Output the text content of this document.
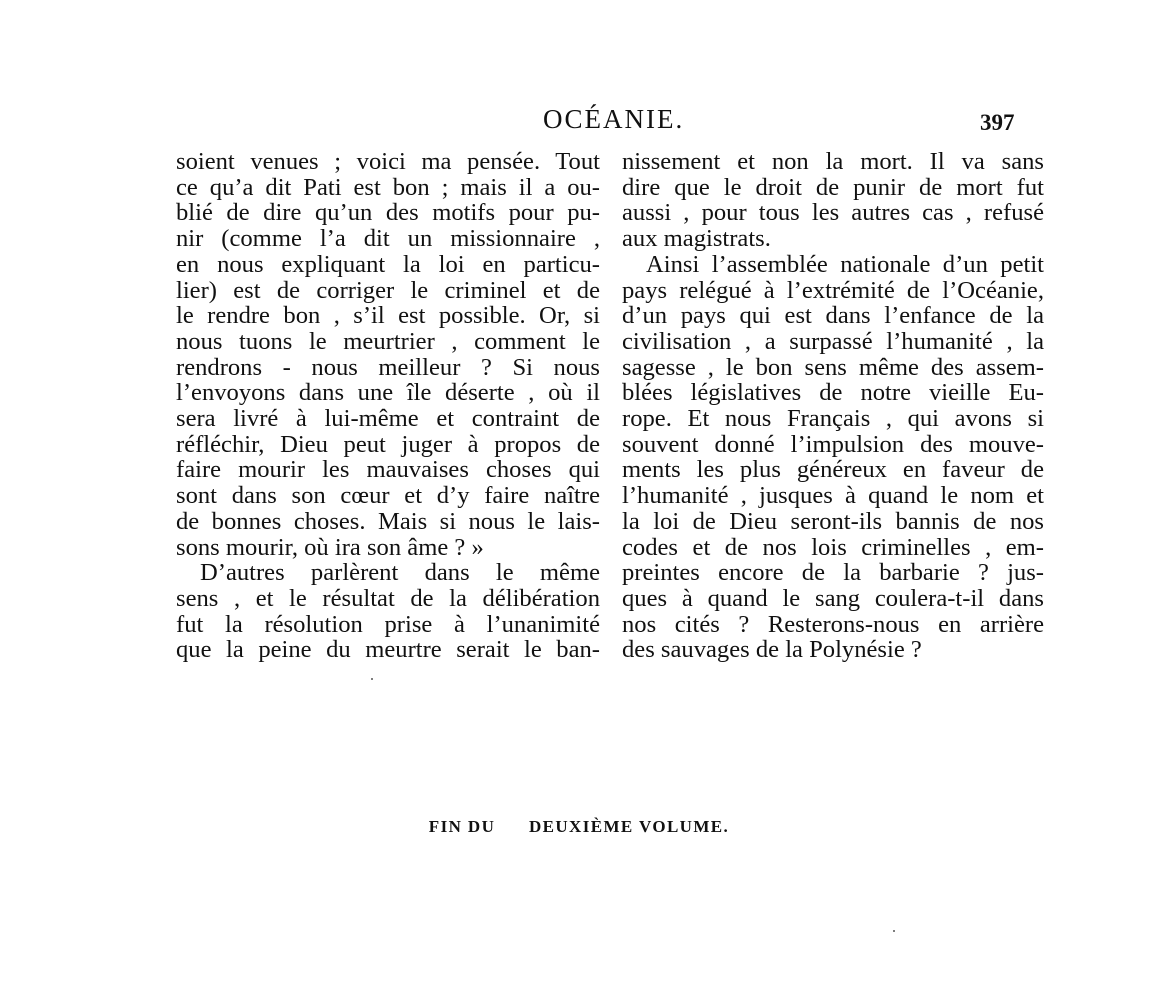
OCÉANIE.	397
soient venues ; voici ma pensée. Tout
ce qu’a dit Pati est bon ; mais il a ou-
blié de dire qu’un des motifs pour pu-
nir (comme l’a dit un missionnaire ,
en nous expliquant la loi en particu-
lier) est de corriger le criminel et de
le rendre bon , s’il est possible. Or, si
nous tuons le meurtrier , comment le
rendrons - nous meilleur ? Si nous
l’envoyons dans une île déserte , où il
sera livré à lui-même et contraint de
réfléchir, Dieu peut juger à propos de
faire mourir les mauvaises choses qui
sont dans son cœur et d’y faire naître
de bonnes choses. Mais si nous le lais-
sons mourir, où ira son âme ? »
D’autres parlèrent dans le même
sens , et le résultat de la délibération
fut la résolution prise à l’unanimité
que la peine du meurtre serait le ban-
nissement et non la mort. Il va sans
dire que le droit de punir de mort fut
aussi , pour tous les autres cas , refusé
aux magistrats.
Ainsi l’assemblée nationale d’un petit
pays relégué à l’extrémité de l’Océanie,
d’un pays qui est dans l’enfance de la
civilisation , a surpassé l’humanité , la
sagesse , le bon sens même des assem-
blées législatives de notre vieille Eu-
rope. Et nous Français , qui avons si
souvent donné l’impulsion des mouve-
ments les plus généreux en faveur de
l’humanité , jusques à quand le nom et
la loi de Dieu seront-ils bannis de nos
codes et de nos lois criminelles , em-
preintes encore de la barbarie ? jus-
ques à quand le sang coulera-t-il dans
nos cités ? Resterons-nous en arrière
des sauvages de la Polynésie ?
FIN DU DEUXIÈME VOLUME.
